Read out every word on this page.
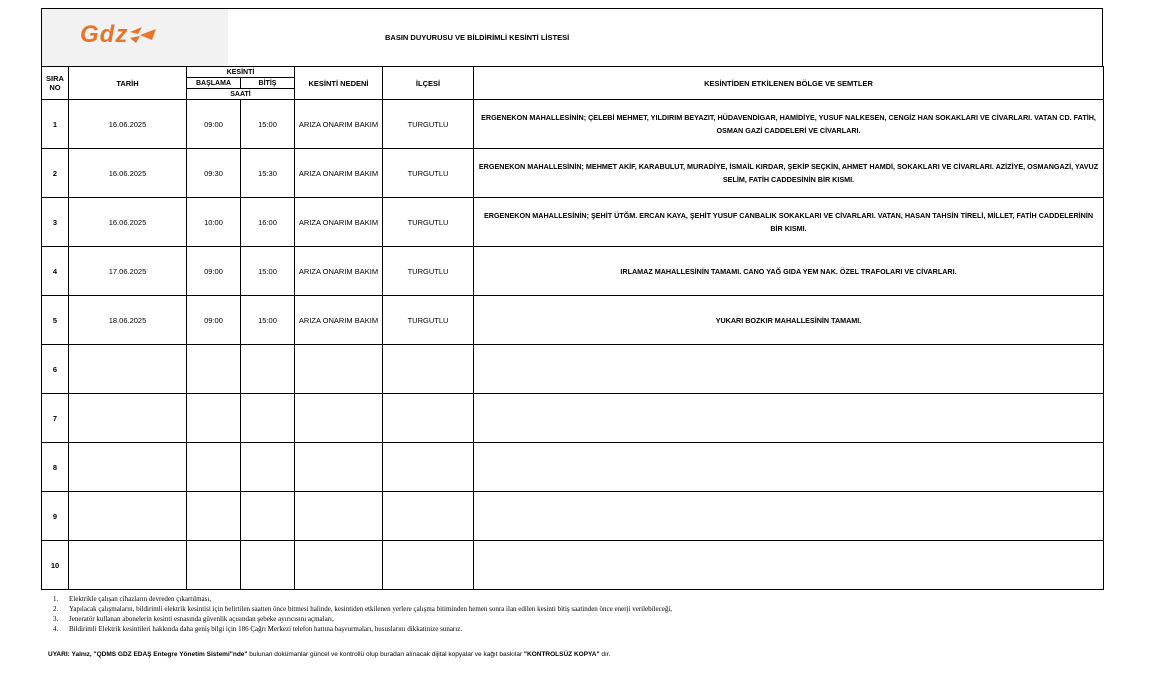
Gdz	BASIN DUYURUSU VE BİLDİRİMLİ KESİNTİ LİSTESİ
SIRA NO	TARİH	KESİNTİ		KESİNTİ NEDENİ	İLÇESİ	KESİNTİDEN ETKİLENEN BÖLGE VE SEMTLER
		BAŞLAMA	BİTİŞ			
		SAATİ				
1	16.06.2025	09:00	15:00	ARIZA ONARIM BAKIM	TURGUTLU	ERGENEKON MAHALLESİNİN; ÇELEBİ MEHMET, YILDIRIM BEYAZIT, HÜDAVENDİGAR, HAMİDİYE, YUSUF NALKESEN, CENGİZ HAN SOKAKLARI VE CİVARLARI. VATAN CD. FATİH, OSMAN GAZİ CADDELERİ VE CİVARLARI.
2	16.06.2025	09:30	15:30	ARIZA ONARIM BAKIM	TURGUTLU	ERGENEKON MAHALLESİNİN; MEHMET AKİF, KARABULUT, MURADİYE, İSMAİL KIRDAR, ŞEKİP SEÇKİN, AHMET HAMDİ, SOKAKLARI VE CİVARLARI. AZİZİYE, OSMANGAZİ, YAVUZ SELİM, FATİH CADDESİNİN BİR KISMI.
3	16.06.2025	10:00	16:00	ARIZA ONARIM BAKIM	TURGUTLU	ERGENEKON MAHALLESİNİN; ŞEHİT ÜTĞM. ERCAN KAYA, ŞEHİT YUSUF CANBALIK SOKAKLARI VE CİVARLARI. VATAN, HASAN TAHSİN TİRELİ, MİLLET, FATİH CADDELERİNİN BİR KISMI.
4	17.06.2025	09:00	15:00	ARIZA ONARIM BAKIM	TURGUTLU	IRLAMAZ MAHALLESİNİN TAMAMI. CANO YAĞ GIDA YEM NAK. ÖZEL TRAFOLARI VE CİVARLARI.
5	18.06.2025	09:00	15:00	ARIZA ONARIM BAKIM	TURGUTLU	YUKARI BOZKIR MAHALLESİNİN TAMAMI.
6						
7						
8						
9						
10						
1.	Elektrikle çalışan cihazların devreden çıkartılması,
2.	Yapılacak çalışmaların, bildirimli elektrik kesintisi için belirtilen saatten önce bitmesi halinde, kesintiden etkilenen yerlere çalışma bitiminden hemen sonra ilan edilen kesinti bitiş saatinden önce enerji verilebileceği,
3.	Jeneratör kullanan abonelerin kesinti esnasında güvenlik açısından şebeke ayırıcısını açmaları,
4.	Bildirimli Elektrik kesintileri hakkında daha geniş bilgi için 186 Çağrı Merkezi telefon hattına başvurmaları, hususlarını dikkatinize sunarız.
UYARI: Yalnız, "QDMS GDZ EDAŞ Entegre Yönetim Sistemi"nde" bulunan dokümanlar güncel ve kontrollü olup buradan alınacak dijital kopyalar ve kağıt baskılar "KONTROLSÜZ KOPYA" dır.
